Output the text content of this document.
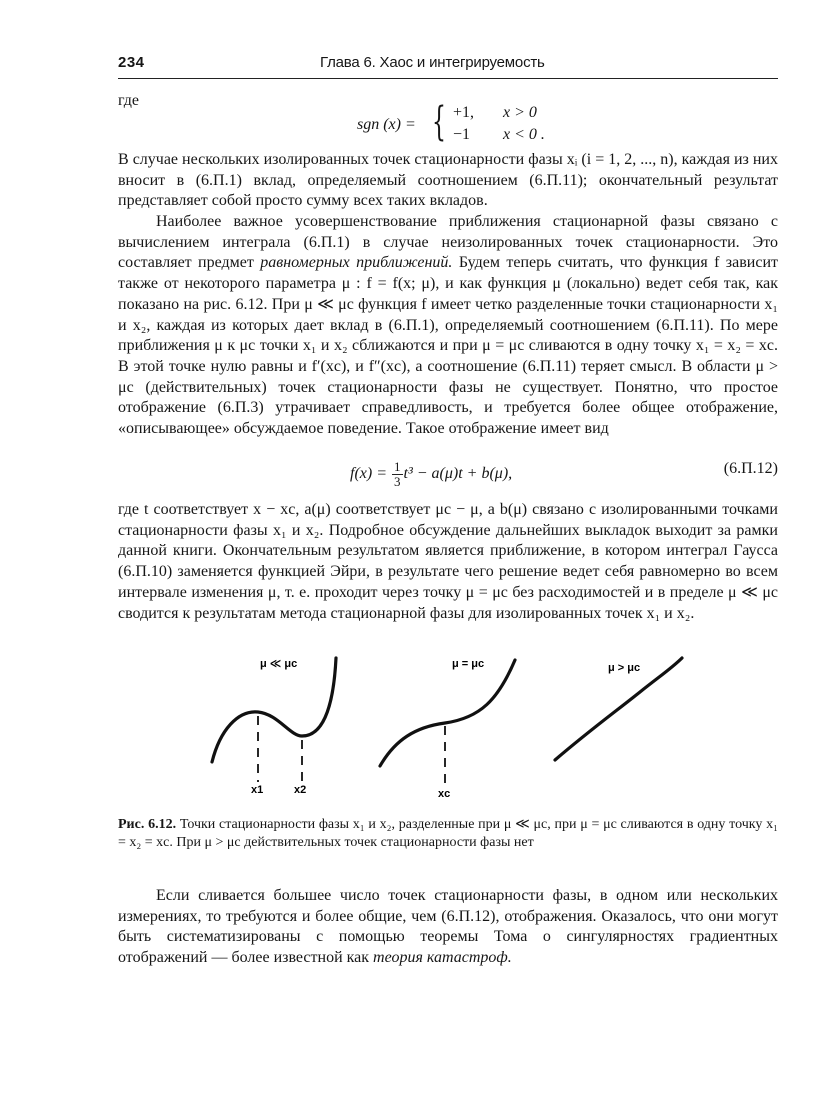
234	Глава 6. Хаос и интегрируемость
где
sgn (x) = { +1, x > 0
−1 x < 0 .

В случае нескольких изолированных точек стационарности фазы xᵢ (i = 1, 2, ..., n), каждая из них вносит в (6.П.1) вклад, определяемый соотношением (6.П.11); окончательный результат представляет собой просто сумму всех таких вкладов.

Наиболее важное усовершенствование приближения стационарной фазы связано с вычислением интеграла (6.П.1) в случае неизолированных точек стационарности. Это составляет предмет равномерных приближений. Будем теперь считать, что функция f зависит также от некоторого параметра μ : f = f(x; μ), и как функция μ (локально) ведет себя так, как показано на рис. 6.12. При μ ≪ μc функция f имеет четко разделенные точки стационарности x₁ и x₂, каждая из которых дает вклад в (6.П.1), определяемый соотношением (6.П.11). По мере приближения μ к μc точки x₁ и x₂ сближаются и при μ = μc сливаются в одну точку x₁ = x₂ = xc. В этой точке нулю равны и f′(xc), и f″(xc), а соотношение (6.П.11) теряет смысл. В области μ > μc (действительных) точек стационарности фазы не существует. Понятно, что простое отображение (6.П.3) утрачивает справедливость, и требуется более общее отображение, «описывающее» обсуждаемое поведение. Такое отображение имеет вид

$f(x) = \frac{1}{3} t^3 - a(\mu)t + b(\mu)$,	(6.П.12)

где t соответствует x − xc, a(μ) соответствует μc − μ, а b(μ) связано с изолированными точками стационарности фазы x₁ и x₂. Подробное обсуждение дальнейших выкладок выходит за рамки данной книги. Окончательным результатом является приближение, в котором интеграл Гаусса (6.П.10) заменяется функцией Эйри, в результате чего решение ведет себя равномерно во всем интервале изменения μ, т. е. проходит через точку μ = μc без расходимостей и в пределе μ ≪ μc сводится к результатам метода стационарной фазы для изолированных точек x₁ и x₂.

μ ≪ μc	μ = μc	μ > μc
x1	x2	xc
Рис. 6.12. Точки стационарности фазы x₁ и x₂, разделенные при μ ≪ μc, при μ = μc сливаются в одну точку x₁ = x₂ = xc. При μ > μc действительных точек стационарности фазы нет

Если сливается большее число точек стационарности фазы, в одном или нескольких измерениях, то требуются и более общие, чем (6.П.12), отображения. Оказалось, что они могут быть систематизированы с помощью теоремы Тома о сингулярностях градиентных отображений — более известной как теория катастроф.
